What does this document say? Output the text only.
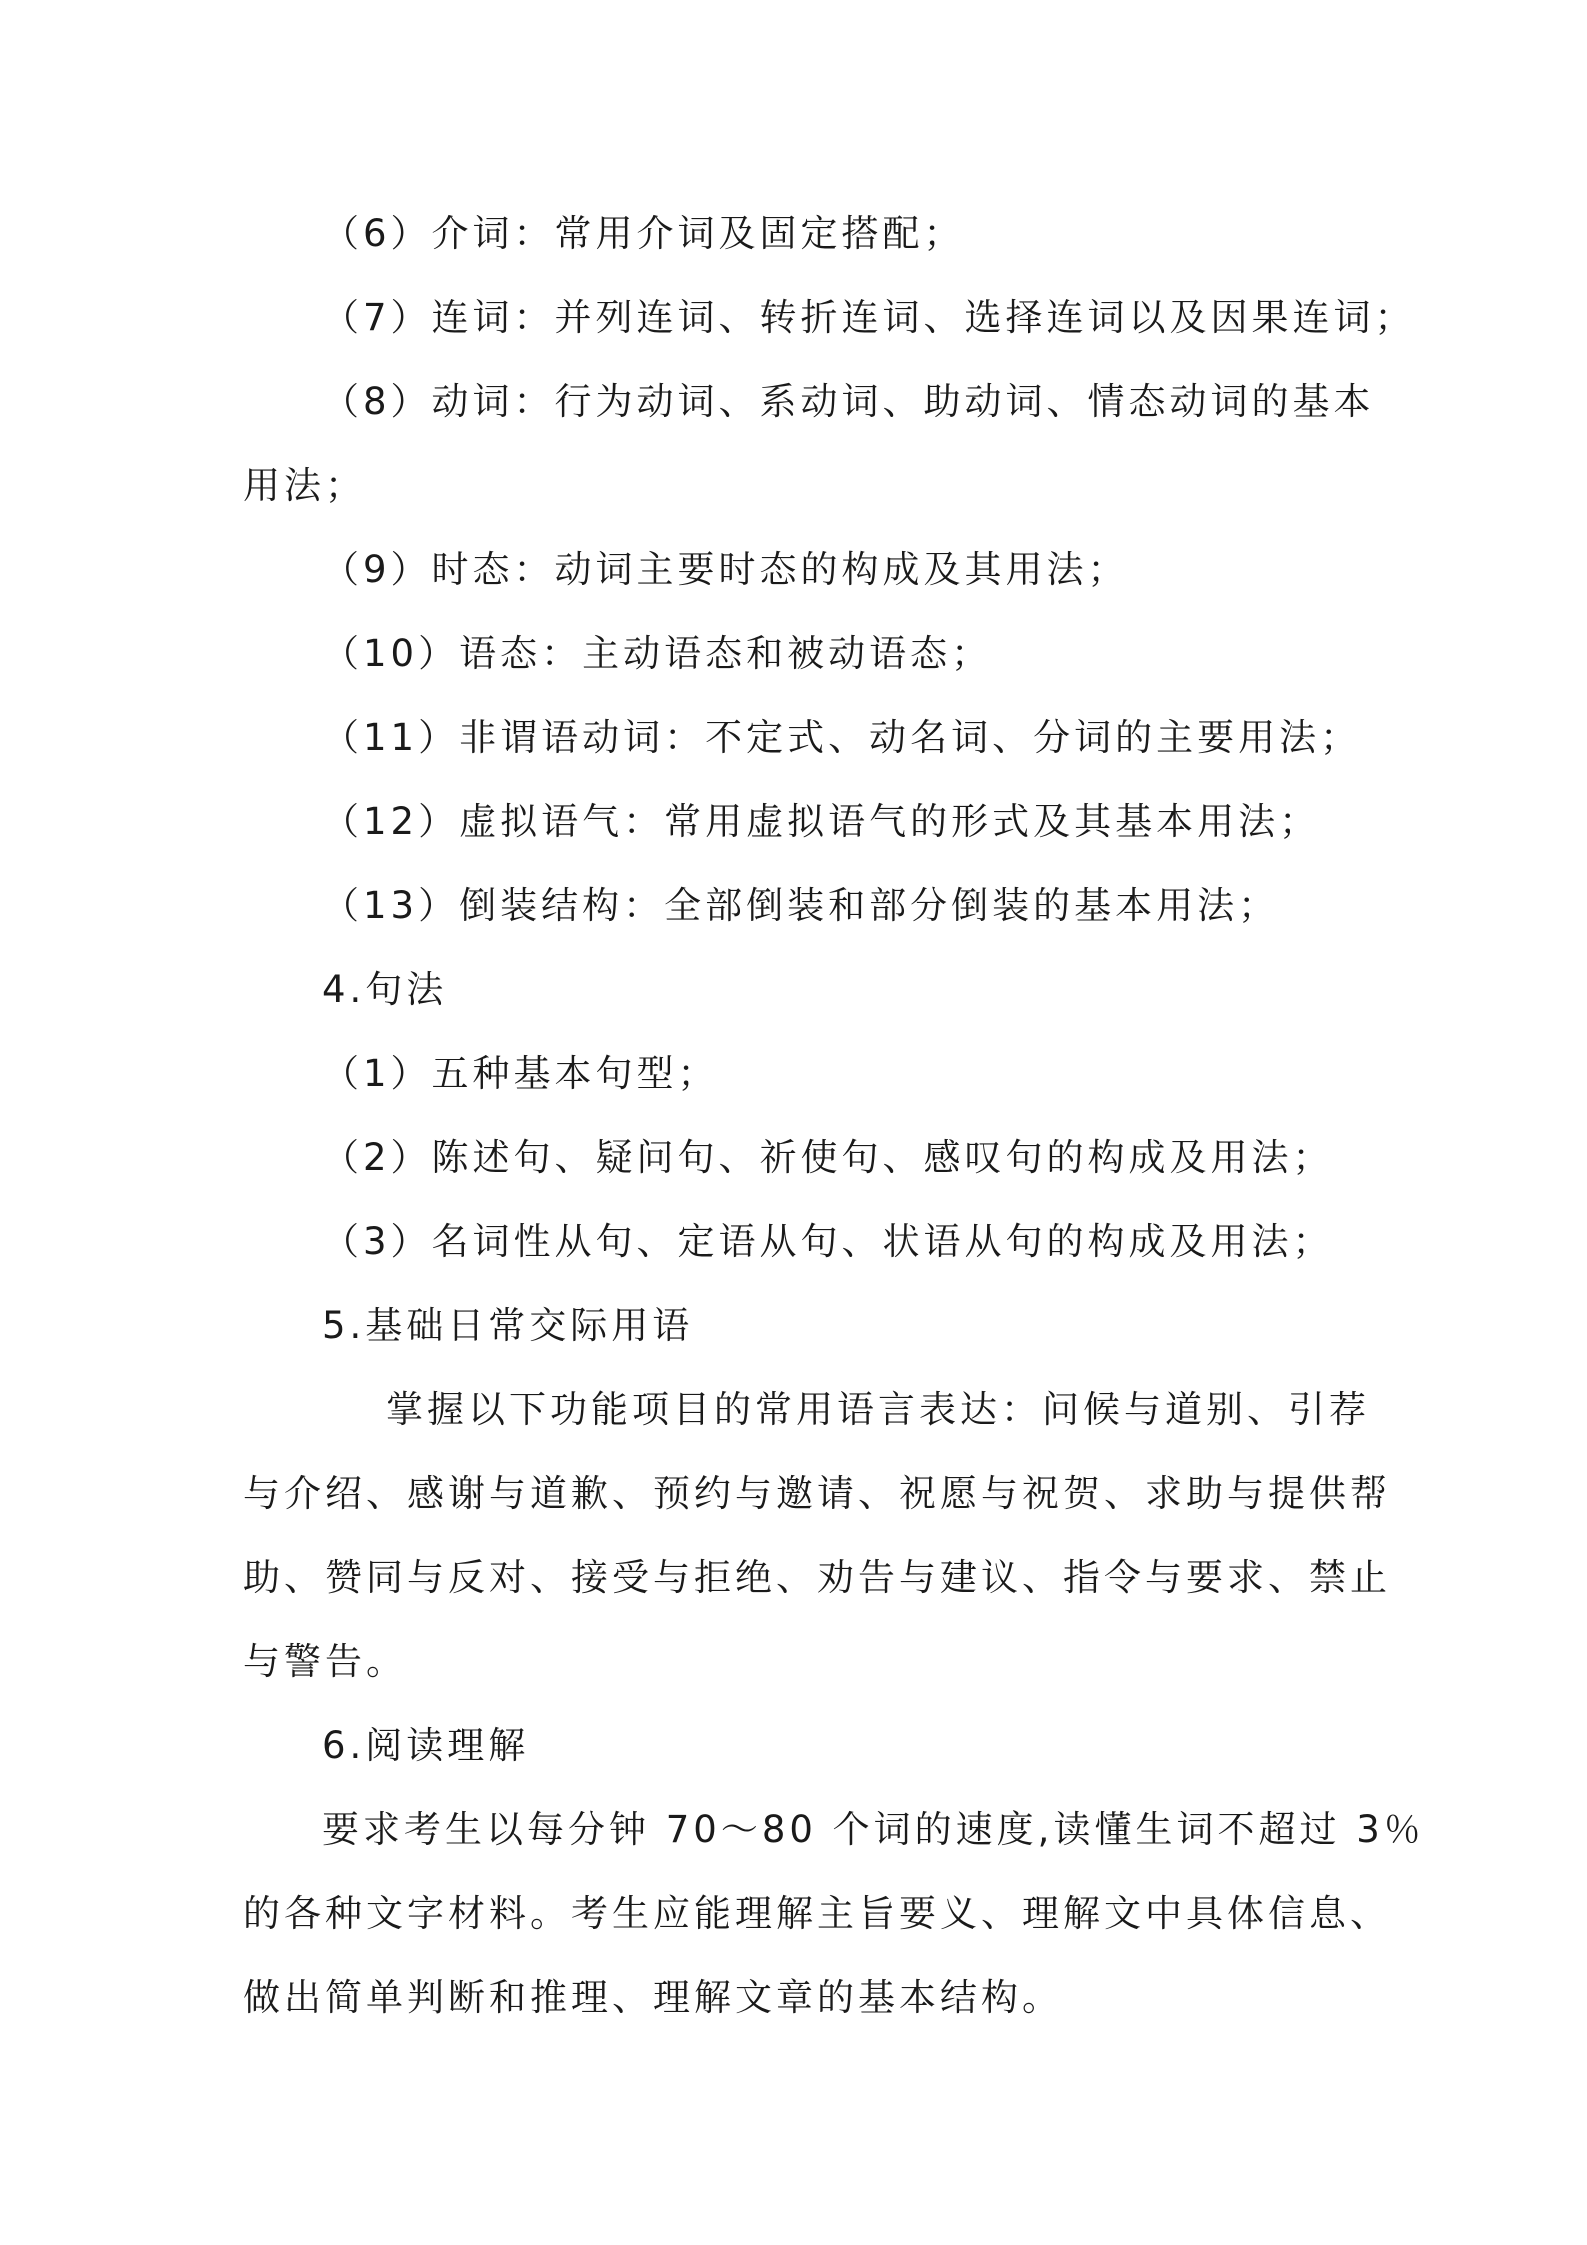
（6）介词：常用介词及固定搭配；
（7）连词：并列连词、转折连词、选择连词以及因果连词；
（8）动词：行为动词、系动词、助动词、情态动词的基本
用法；
（9）时态：动词主要时态的构成及其用法；
（10）语态：主动语态和被动语态；
（11）非谓语动词：不定式、动名词、分词的主要用法；
（12）虚拟语气：常用虚拟语气的形式及其基本用法；
（13）倒装结构：全部倒装和部分倒装的基本用法；
4.句法
（1）五种基本句型；
（2）陈述句、疑问句、祈使句、感叹句的构成及用法；
（3）名词性从句、定语从句、状语从句的构成及用法；
5.基础日常交际用语
掌握以下功能项目的常用语言表达：问候与道别、引荐
与介绍、感谢与道歉、预约与邀请、祝愿与祝贺、求助与提供帮
助、赞同与反对、接受与拒绝、劝告与建议、指令与要求、禁止
与警告。
6.阅读理解
要求考生以每分钟 70～80 个词的速度,读懂生词不超过 3％
的各种文字材料。考生应能理解主旨要义、理解文中具体信息、
做出简单判断和推理、理解文章的基本结构。
